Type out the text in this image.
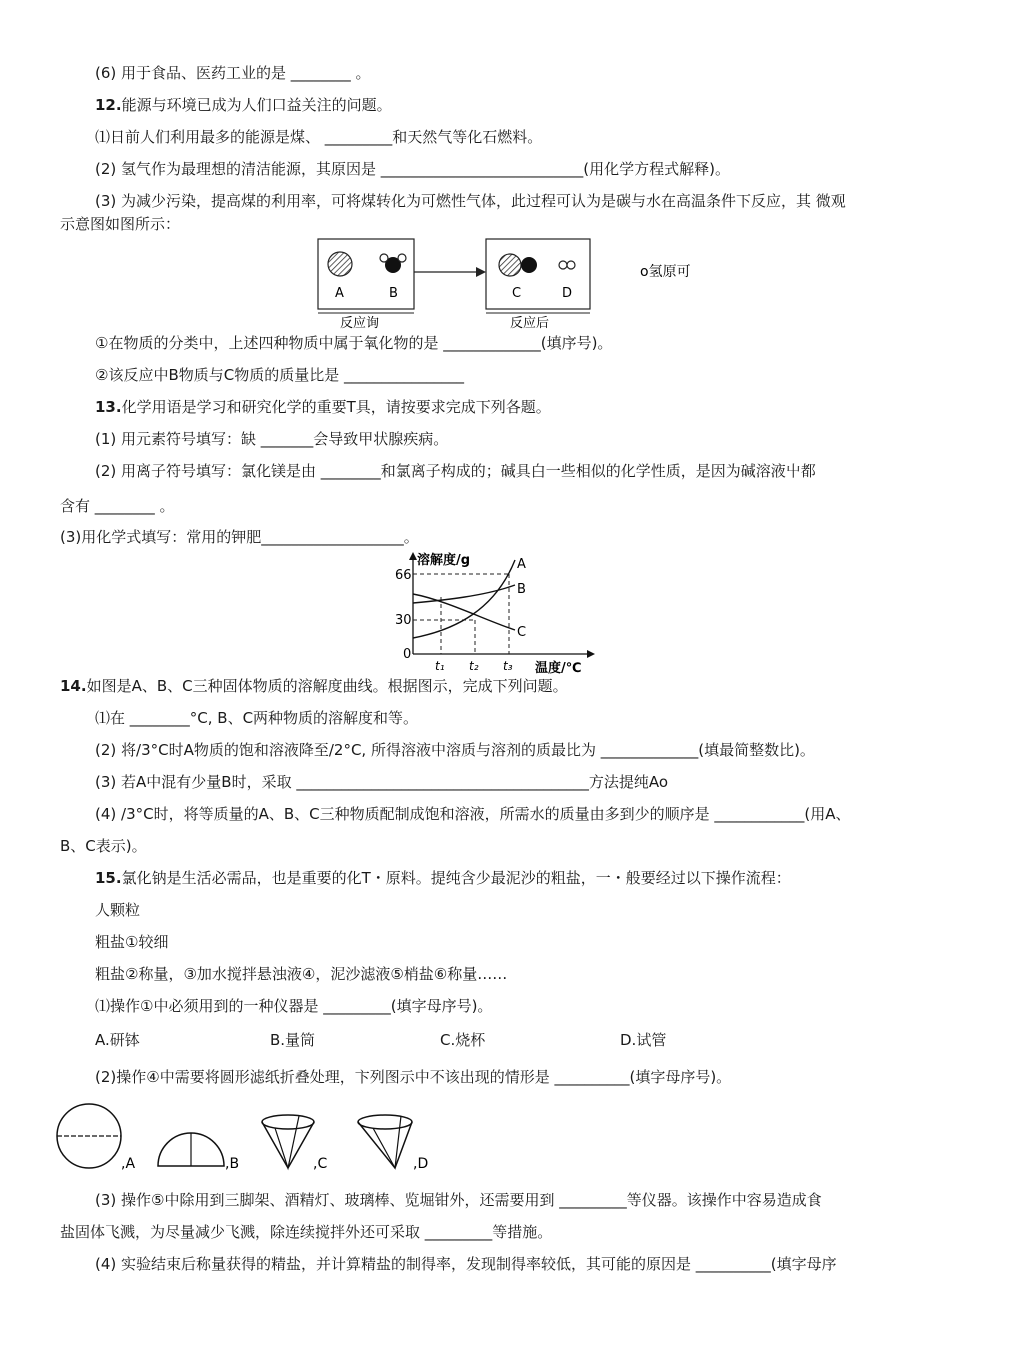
(6) 用于食品、医药工业的是 ________ 。
12.能源与环境已成为人们口益关注的问题。
⑴日前人们利用最多的能源是煤、 _________和天然气等化石燃料。
(2) 氢气作为最理想的清洁能源，其原因是 ___________________________(用化学方程式解释)。
(3) 为减少污染，提高煤的利用率，可将煤转化为可燃性气体，此过程可认为是碳与水在高温条件下反应，其 微观
示意图如图所示：
A	B	C	D
反应询	反应后
o氢原可
①在物质的分类中，上述四种物质中属于氧化物的是 _____________(填序号)。
②该反应中B物质与C物质的质量比是 ________________
13.化学用语是学习和研究化学的重要T具，请按要求完成下列各题。
(1) 用元素符号填写：缺 _______会导致甲状腺疾病。
(2) 用离子符号填写：氯化镁是由 ________和氯离子构成的；碱具白一些相似的化学性质，是因为碱溶液屮都
含有 ________ 。
(3)用化学式填写：常用的钾肥___________________。
溶解度/g
温度/℃
66
30
0
A
B
C
t₁ t₂ t₃
14.如图是A、B、C三种固体物质的溶解度曲线。根据图示，完成下列问题。
⑴在 ________°C, B、C两种物质的溶解度和等。
(2) 将/3°C时A物质的饱和溶液降至/2°C, 所得溶液中溶质与溶剂的质最比为 _____________(填最简整数比)。
(3) 若A中混有少量B时，采取 _______________________________________方法提纯Ao
(4) /3°C时，将等质量的A、B、C三种物质配制成饱和溶液，所需水的质量由多到少的顺序是 ____________(用A、
B、C表示)。
15.氯化钠是生活必需品，也是重要的化T・原料。提纯含少最泥沙的粗盐，一・般要经过以下操作流程：
人颗粒
粗盐①较细
粗盐②称量，③加水搅拌悬浊液④，泥沙滤液⑤梢盐⑥称量……
⑴操作①中必须用到的一种仪器是 _________(填字母序号)。
A.研钵	B.量筒	C.烧杯	D.试管
(2)操作④中需要将圆形滤纸折叠处理，卞列图示中不该出现的情形是 __________(填字母序号)。
,A	,B	,C	,D
(3) 操作⑤中除用到三脚架、酒精灯、玻璃棒、览堀钳外，还需要用到 _________等仪器。该操作中容易造成食
盐固体飞溅，为尽量减少飞溅，除连续搅拌外还可采取 _________等措施。
(4) 实验结束后称量获得的精盐，并计算精盐的制得率，发现制得率较低，其可能的原因是 __________(填字母序
